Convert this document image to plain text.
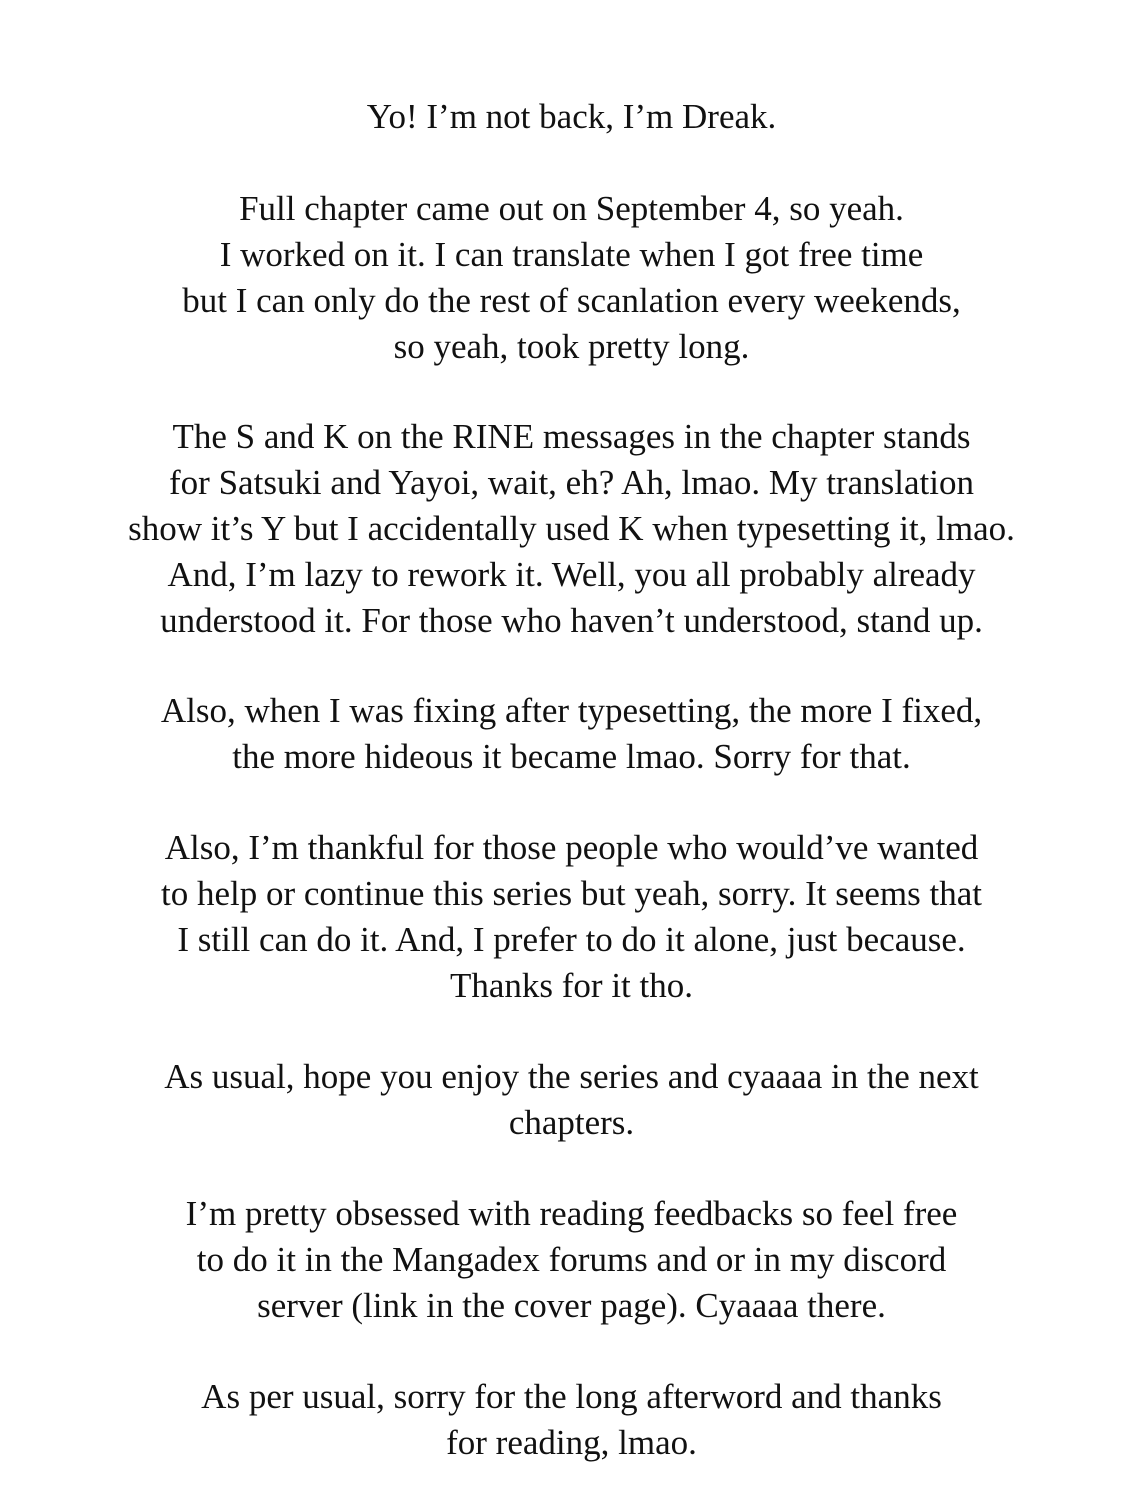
Yo! I’m not back, I’m Dreak.
Full chapter came out on September 4, so yeah.
I worked on it. I can translate when I got free time
but I can only do the rest of scanlation every weekends,
so yeah, took pretty long.
The S and K on the RINE messages in the chapter stands
for Satsuki and Yayoi, wait, eh? Ah, lmao. My translation
show it’s Y but I accidentally used K when typesetting it, lmao.
And, I’m lazy to rework it. Well, you all probably already
understood it. For those who haven’t understood, stand up.
Also, when I was fixing after typesetting, the more I fixed,
the more hideous it became lmao. Sorry for that.
Also, I’m thankful for those people who would’ve wanted
to help or continue this series but yeah, sorry. It seems that
I still can do it. And, I prefer to do it alone, just because.
Thanks for it tho.
As usual, hope you enjoy the series and cyaaaa in the next
chapters.
I’m pretty obsessed with reading feedbacks so feel free
to do it in the Mangadex forums and or in my discord
server (link in the cover page). Cyaaaa there.
As per usual, sorry for the long afterword and thanks
for reading, lmao.
